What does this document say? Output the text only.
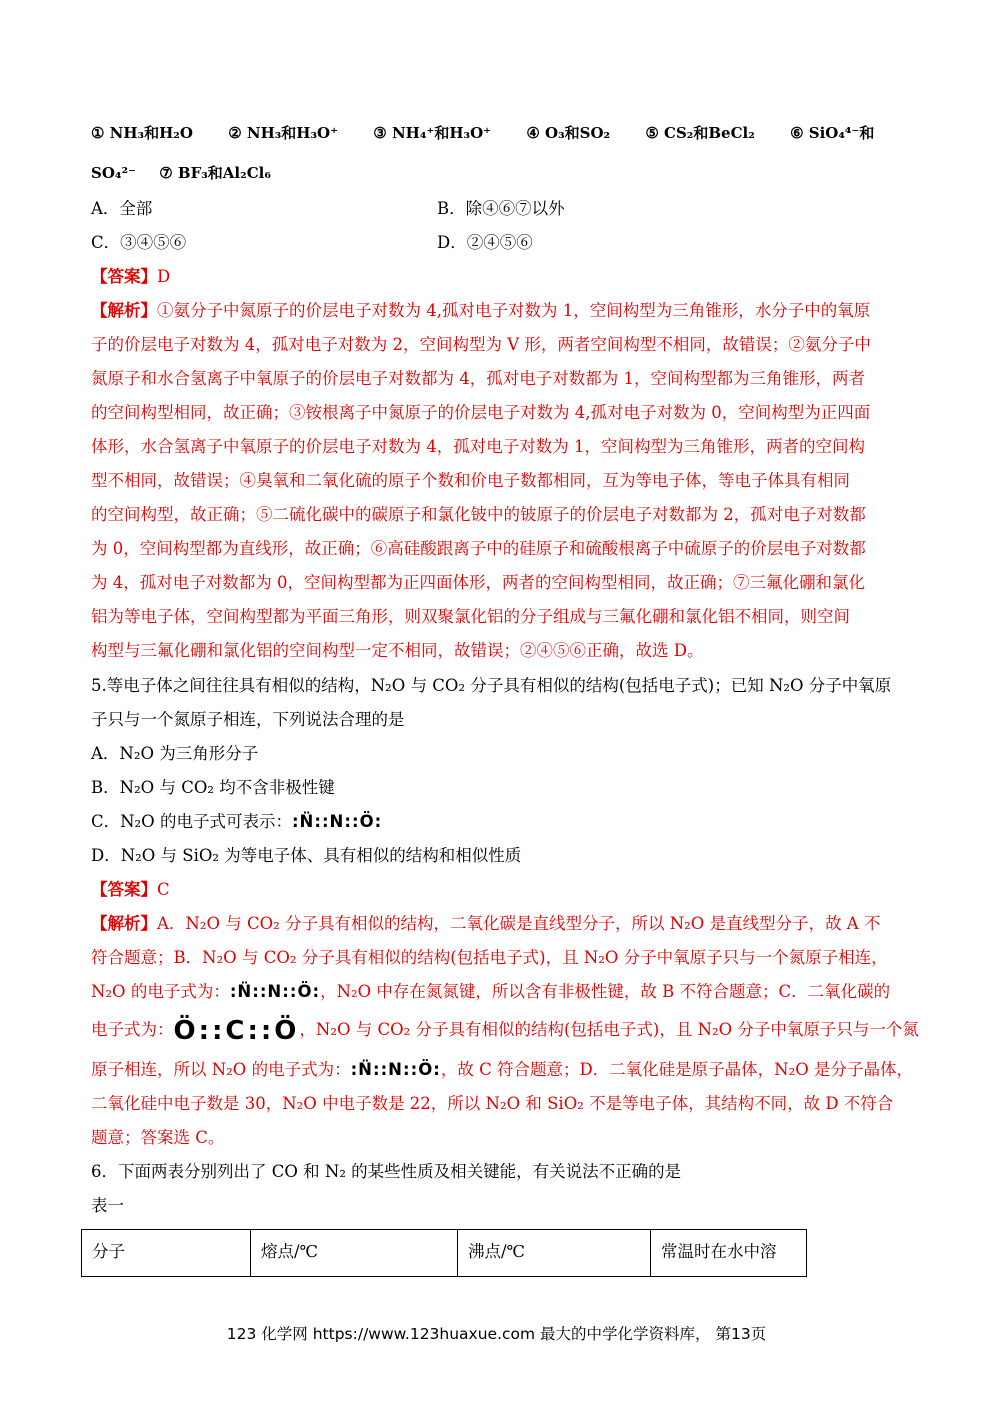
① NH₃和H₂O ② NH₃和H₃O⁺ ③ NH₄⁺和H₃O⁺ ④ O₃和SO₂ ⑤ CS₂和BeCl₂ ⑥ SiO₄⁴⁻和
SO₄²⁻ ⑦ BF₃和Al₂Cl₆
A．全部	B．除④⑥⑦以外
C．③④⑤⑥	D．②④⑤⑥
【答案】D
【解析】①氨分子中氮原子的价层电子对数为 4,孤对电子对数为 1，空间构型为三角锥形，水分子中的氧原
子的价层电子对数为 4，孤对电子对数为 2，空间构型为 V 形，两者空间构型不相同，故错误；②氨分子中
氮原子和水合氢离子中氧原子的价层电子对数都为 4，孤对电子对数都为 1，空间构型都为三角锥形，两者
的空间构型相同，故正确；③铵根离子中氮原子的价层电子对数为 4,孤对电子对数为 0，空间构型为正四面
体形，水合氢离子中氧原子的价层电子对数为 4，孤对电子对数为 1，空间构型为三角锥形，两者的空间构
型不相同，故错误；④臭氧和二氧化硫的原子个数和价电子数都相同，互为等电子体，等电子体具有相同
的空间构型，故正确；⑤二硫化碳中的碳原子和氯化铍中的铍原子的价层电子对数都为 2，孤对电子对数都
为 0，空间构型都为直线形，故正确；⑥高硅酸跟离子中的硅原子和硫酸根离子中硫原子的价层电子对数都
为 4，孤对电子对数都为 0，空间构型都为正四面体形，两者的空间构型相同，故正确；⑦三氟化硼和氯化
铝为等电子体，空间构型都为平面三角形，则双聚氯化铝的分子组成与三氟化硼和氯化铝不相同，则空间
构型与三氟化硼和氯化铝的空间构型一定不相同，故错误；②④⑤⑥正确，故选 D。
5.等电子体之间往往具有相似的结构，N₂O 与 CO₂ 分子具有相似的结构(包括电子式)；已知 N₂O 分子中氧原
子只与一个氮原子相连，下列说法合理的是
A．N₂O 为三角形分子
B．N₂O 与 CO₂ 均不含非极性键
C．N₂O 的电子式可表示：:N̈::N::Ö:
D．N₂O 与 SiO₂ 为等电子体、具有相似的结构和相似性质
【答案】C
【解析】A．N₂O 与 CO₂ 分子具有相似的结构，二氧化碳是直线型分子，所以 N₂O 是直线型分子，故 A 不
符合题意；B．N₂O 与 CO₂ 分子具有相似的结构(包括电子式)，且 N₂O 分子中氧原子只与一个氮原子相连，
N₂O 的电子式为：:N̈::N::Ö:，N₂O 中存在氮氮键，所以含有非极性键，故 B 不符合题意；C．二氧化碳的
电子式为：Ö::C::Ö，N₂O 与 CO₂ 分子具有相似的结构(包括电子式)，且 N₂O 分子中氧原子只与一个氮
原子相连，所以 N₂O 的电子式为：:N̈::N::Ö:，故 C 符合题意；D．二氧化硅是原子晶体，N₂O 是分子晶体，
二氧化硅中电子数是 30，N₂O 中电子数是 22，所以 N₂O 和 SiO₂ 不是等电子体，其结构不同，故 D 不符合
题意；答案选 C。
6．下面两表分别列出了 CO 和 N₂ 的某些性质及相关键能，有关说法不正确的是
表一
分子	熔点/℃	沸点/℃	常温时在水中溶
123 化学网 https://www.123huaxue.com 最大的中学化学资料库， 第13页
